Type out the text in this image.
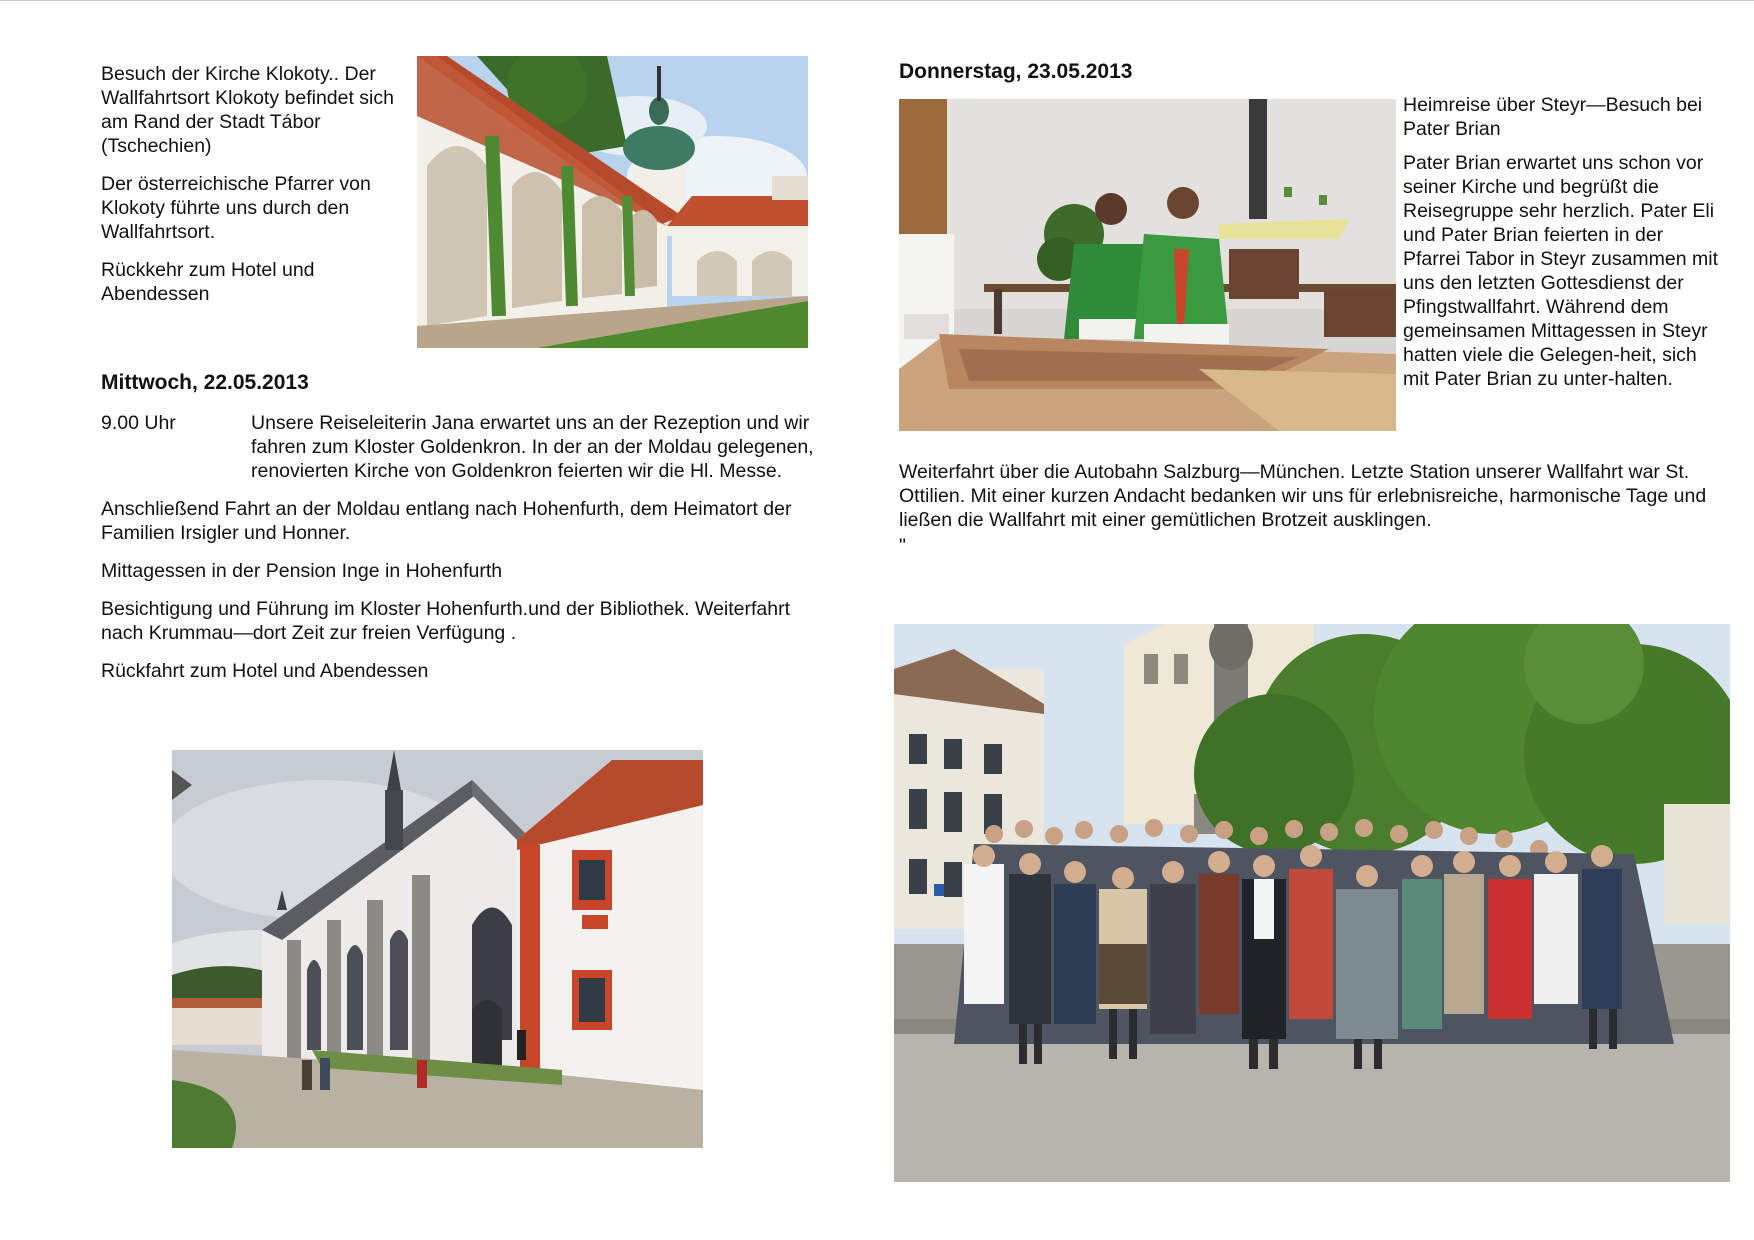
Besuch der Kirche Klokoty.. Der Wallfahrtsort Klokoty befindet sich am Rand der Stadt Tábor (Tschechien)

Der österreichische Pfarrer von Klokoty führte uns durch den Wallfahrtsort.

Rückkehr zum Hotel und Abendessen

Mittwoch, 22.05.2013
9.00 Uhr	Unsere Reiseleiterin Jana erwartet uns an der Rezeption und wir fahren zum Kloster Goldenkron. In der an der Moldau gelegenen, renovierten Kirche von Goldenkron feierten wir die Hl. Messe.

Anschließend Fahrt an der Moldau entlang nach Hohenfurth, dem Heimatort der Familien Irsigler und Honner.

Mittagessen in der Pension Inge in Hohenfurth

Besichtigung und Führung im Kloster Hohenfurth.und der Bibliothek. Weiterfahrt nach Krummau—dort Zeit zur freien Verfügung .

Rückfahrt zum Hotel und Abendessen

Donnerstag, 23.05.2013

Heimreise über Steyr—Besuch bei Pater Brian

Pater Brian erwartet uns schon vor seiner Kirche und begrüßt die Reisegruppe sehr herzlich. Pater Eli und Pater Brian feierten in der Pfarrei Tabor in Steyr zusammen mit uns den letzten Gottesdienst der Pfingstwallfahrt. Während dem gemeinsamen Mittagessen in Steyr hatten viele die Gelegen-heit, sich mit Pater Brian zu unter-halten.

Weiterfahrt über die Autobahn Salzburg—München. Letzte Station unserer Wallfahrt war St. Ottilien. Mit einer kurzen Andacht bedanken wir uns für erlebnisreiche, harmonische Tage und ließen die Wallfahrt mit einer gemütlichen Brotzeit ausklingen.

"
